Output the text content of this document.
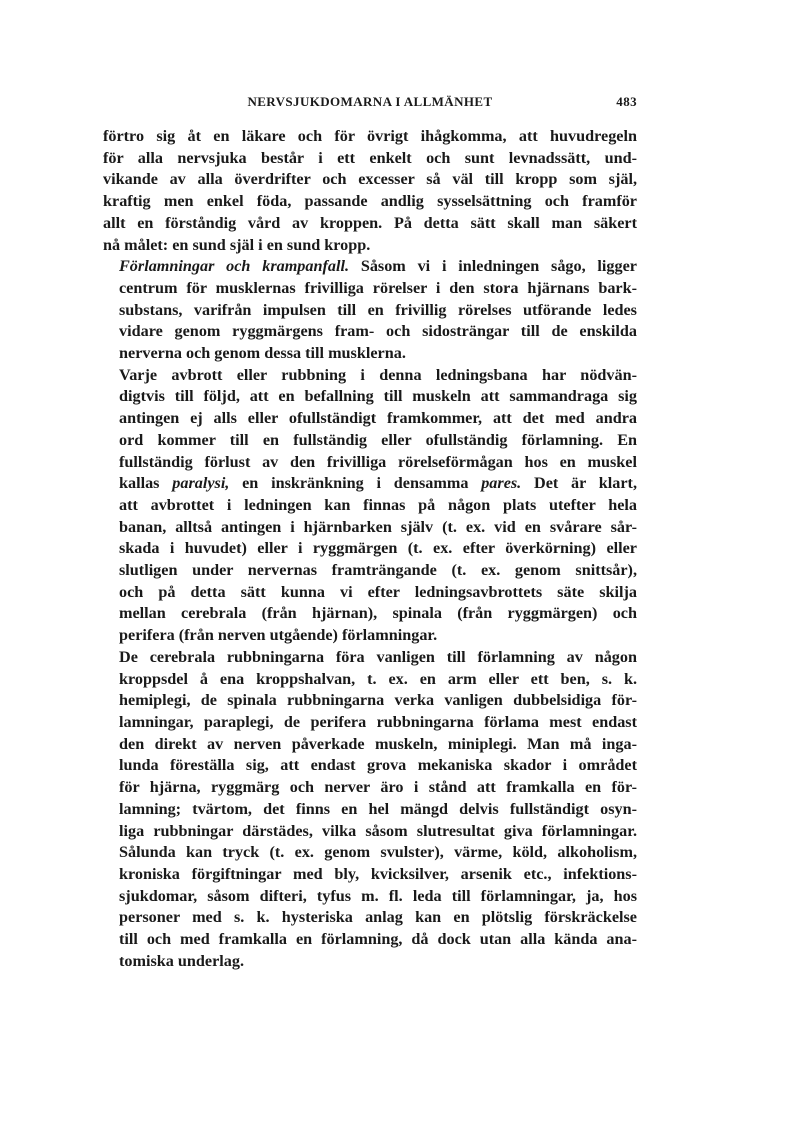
NERVSJUKDOMARNA I ALLMÄNHET	483

förtro sig åt en läkare och för övrigt ihågkomma, att huvudregeln
för alla nervsjuka består i ett enkelt och sunt levnadssätt, und-
vikande av alla överdrifter och excesser så väl till kropp som själ,
kraftig men enkel föda, passande andlig sysselsättning och framför
allt en förståndig vård av kroppen. På detta sätt skall man säkert
nå målet: en sund själ i en sund kropp.

Förlamningar och krampanfall. Såsom vi i inledningen sågo, ligger
centrum för musklernas frivilliga rörelser i den stora hjärnans bark-
substans, varifrån impulsen till en frivillig rörelses utförande ledes
vidare genom ryggmärgens fram- och sidosträngar till de enskilda
nerverna och genom dessa till musklerna.

Varje avbrott eller rubbning i denna ledningsbana har nödvän-
digtvis till följd, att en befallning till muskeln att sammandraga sig
antingen ej alls eller ofullständigt framkommer, att det med andra
ord kommer till en fullständig eller ofullständig förlamning. En
fullständig förlust av den frivilliga rörelseförmågan hos en muskel
kallas paralysi, en inskränkning i densamma pares. Det är klart,
att avbrottet i ledningen kan finnas på någon plats utefter hela
banan, alltså antingen i hjärnbarken själv (t. ex. vid en svårare sår-
skada i huvudet) eller i ryggmärgen (t. ex. efter överkörning) eller
slutligen under nervernas framträngande (t. ex. genom snittsår),
och på detta sätt kunna vi efter ledningsavbrottets säte skilja
mellan cerebrala (från hjärnan), spinala (från ryggmärgen) och
perifera (från nerven utgående) förlamningar.

De cerebrala rubbningarna föra vanligen till förlamning av någon
kroppsdel å ena kroppshalvan, t. ex. en arm eller ett ben, s. k.
hemiplegi, de spinala rubbningarna verka vanligen dubbelsidiga för-
lamningar, paraplegi, de perifera rubbningarna förlama mest endast
den direkt av nerven påverkade muskeln, miniplegi. Man må inga-
lunda föreställa sig, att endast grova mekaniska skador i området
för hjärna, ryggmärg och nerver äro i stånd att framkalla en för-
lamning; tvärtom, det finns en hel mängd delvis fullständigt osyn-
liga rubbningar därstädes, vilka såsom slutresultat giva förlamningar.
Sålunda kan tryck (t. ex. genom svulster), värme, köld, alkoholism,
kroniska förgiftningar med bly, kvicksilver, arsenik etc., infektions-
sjukdomar, såsom difteri, tyfus m. fl. leda till förlamningar, ja, hos
personer med s. k. hysteriska anlag kan en plötslig förskräckelse
till och med framkalla en förlamning, då dock utan alla kända ana-
tomiska underlag.
